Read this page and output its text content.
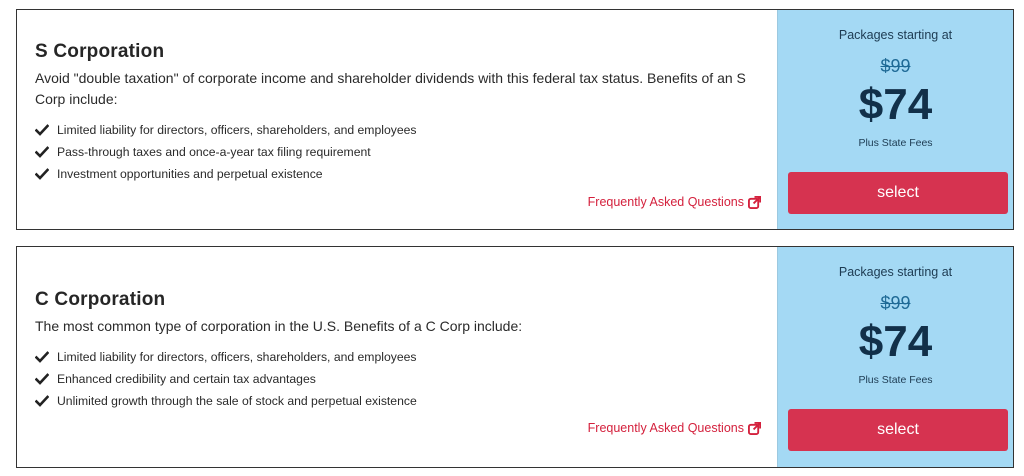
S Corporation

Avoid "double taxation" of corporate income and shareholder dividends with this federal tax status. Benefits of an S Corp include:

Limited liability for directors, officers, shareholders, and employees
Pass-through taxes and once-a-year tax filing requirement
Investment opportunities and perpetual existence
Frequently Asked Questions
Packages starting at
$99
$74
Plus State Fees
select
C Corporation

The most common type of corporation in the U.S. Benefits of a C Corp include:

Limited liability for directors, officers, shareholders, and employees
Enhanced credibility and certain tax advantages
Unlimited growth through the sale of stock and perpetual existence
Frequently Asked Questions
Packages starting at
$99
$74
Plus State Fees
select
